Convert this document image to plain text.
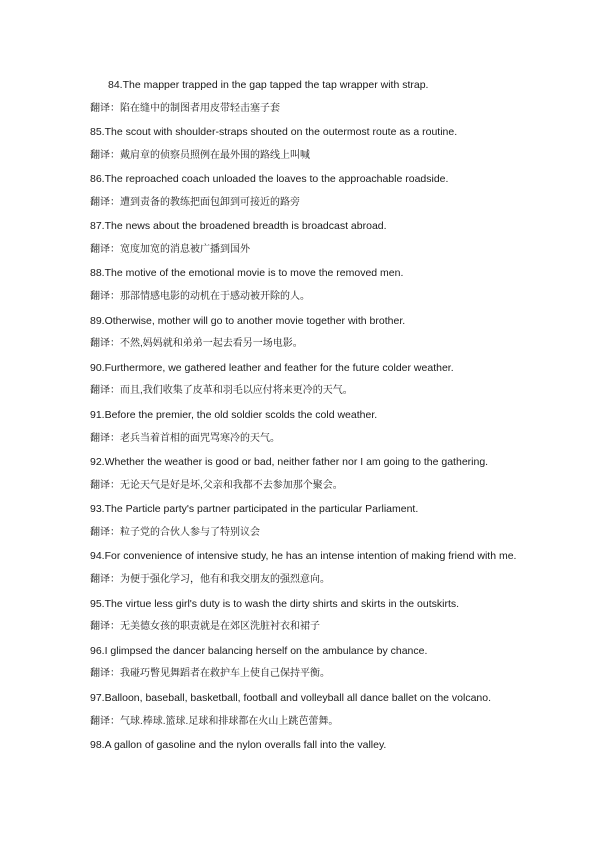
84.The mapper trapped in the gap tapped the tap wrapper with strap.
翻译：陷在缝中的制图者用皮带轻击塞子套
85.The scout with shoulder-straps shouted on the outermost route as a routine.
翻译：戴肩章的侦察员照例在最外围的路线上叫喊
86.The reproached coach unloaded the loaves to the approachable roadside.
翻译：遭到责备的教练把面包卸到可接近的路旁
87.The news about the broadened breadth is broadcast abroad.
翻译：宽度加宽的消息被广播到国外
88.The motive of the emotional movie is to move the removed men.
翻译：那部情感电影的动机在于感动被开除的人。
89.Otherwise, mother will go to another movie together with brother.
翻译：不然,妈妈就和弟弟一起去看另一场电影。
90.Furthermore, we gathered leather and feather for the future colder weather.
翻译：而且,我们收集了皮革和羽毛以应付将来更冷的天气。
91.Before the premier, the old soldier scolds the cold weather.
翻译：老兵当着首相的面咒骂寒冷的天气。
92.Whether the weather is good or bad, neither father nor I am going to the gathering.
翻译：无论天气是好是坏,父亲和我都不去参加那个聚会。
93.The Particle party's partner participated in the particular Parliament.
翻译：粒子党的合伙人参与了特别议会
94.For convenience of intensive study, he has an intense intention of making friend with me.
翻译：为便于强化学习，他有和我交朋友的强烈意向。
95.The virtue less girl's duty is to wash the dirty shirts and skirts in the outskirts.
翻译：无美德女孩的职责就是在郊区洗脏衬衣和裙子
96.I glimpsed the dancer balancing herself on the ambulance by chance.
翻译：我碰巧瞥见舞蹈者在救护车上使自己保持平衡。
97.Balloon, baseball, basketball, football and volleyball all dance ballet on the volcano.
翻译：气球.棒球.篮球.足球和排球都在火山上跳芭蕾舞。
98.A gallon of gasoline and the nylon overalls fall into the valley.
